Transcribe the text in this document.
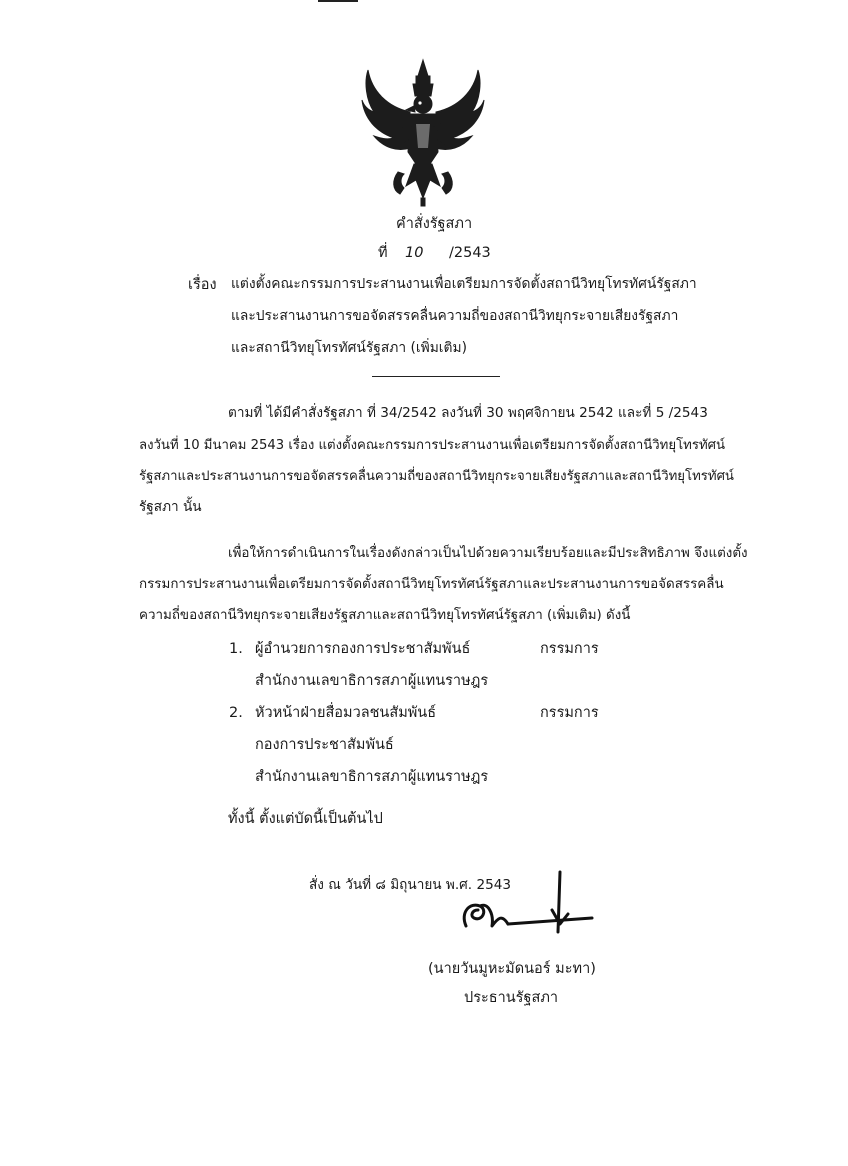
คำสั่งรัฐสภา
ที่ 10 /2543
เรื่อง แต่งตั้งคณะกรรมการประสานงานเพื่อเตรียมการจัดตั้งสถานีวิทยุโทรทัศน์รัฐสภา
และประสานงานการขอจัดสรรคลื่นความถี่ของสถานีวิทยุกระจายเสียงรัฐสภา
และสถานีวิทยุโทรทัศน์รัฐสภา (เพิ่มเติม)
ตามที่ ได้มีคำสั่งรัฐสภา ที่ 34/2542 ลงวันที่ 30 พฤศจิกายน 2542 และที่ 5 /2543
ลงวันที่ 10 มีนาคม 2543 เรื่อง แต่งตั้งคณะกรรมการประสานงานเพื่อเตรียมการจัดตั้งสถานีวิทยุโทรทัศน์
รัฐสภาและประสานงานการขอจัดสรรคลื่นความถี่ของสถานีวิทยุกระจายเสียงรัฐสภาและสถานีวิทยุโทรทัศน์
รัฐสภา นั้น
เพื่อให้การดำเนินการในเรื่องดังกล่าวเป็นไปด้วยความเรียบร้อยและมีประสิทธิภาพ จึงแต่งตั้ง
กรรมการประสานงานเพื่อเตรียมการจัดตั้งสถานีวิทยุโทรทัศน์รัฐสภาและประสานงานการขอจัดสรรคลื่น
ความถี่ของสถานีวิทยุกระจายเสียงรัฐสภาและสถานีวิทยุโทรทัศน์รัฐสภา (เพิ่มเติม) ดังนี้
1. ผู้อำนวยการกองการประชาสัมพันธ์	กรรมการ
สำนักงานเลขาธิการสภาผู้แทนราษฎร
2. หัวหน้าฝ่ายสื่อมวลชนสัมพันธ์	กรรมการ
กองการประชาสัมพันธ์
สำนักงานเลขาธิการสภาผู้แทนราษฎร
ทั้งนี้ ตั้งแต่บัดนี้เป็นต้นไป
สั่ง ณ วันที่ ๘ มิถุนายน พ.ศ. 2543
(นายวันมูหะมัดนอร์ มะทา)
ประธานรัฐสภา
